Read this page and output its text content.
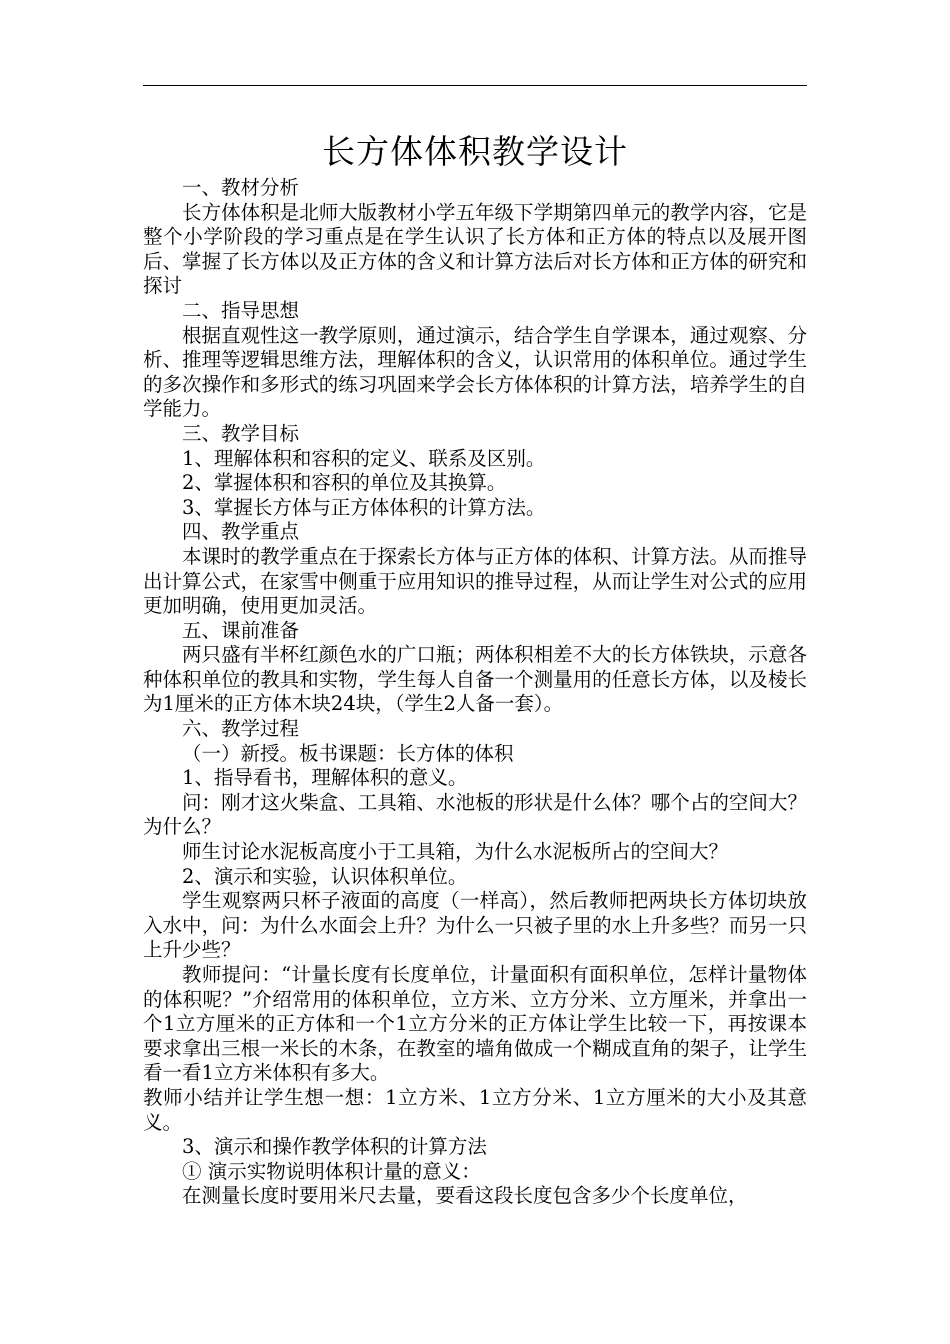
长方体体积教学设计

一、教材分析

长方体体积是北师大版教材小学五年级下学期第四单元的教学内容，它是整个小学阶段的学习重点是在学生认识了长方体和正方体的特点以及展开图后、掌握了长方体以及正方体的含义和计算方法后对长方体和正方体的研究和探讨

二、指导思想

根据直观性这一教学原则，通过演示，结合学生自学课本，通过观察、分析、推理等逻辑思维方法，理解体积的含义，认识常用的体积单位。通过学生的多次操作和多形式的练习巩固来学会长方体体积的计算方法，培养学生的自学能力。

三、教学目标

1、理解体积和容积的定义、联系及区别。

2、掌握体积和容积的单位及其换算。

3、掌握长方体与正方体体积的计算方法。

四、教学重点

本课时的教学重点在于探索长方体与正方体的体积、计算方法。从而推导出计算公式，在家雪中侧重于应用知识的推导过程，从而让学生对公式的应用更加明确，使用更加灵活。

五、课前准备

两只盛有半杯红颜色水的广口瓶；两体积相差不大的长方体铁块，示意各种体积单位的教具和实物，学生每人自备一个测量用的任意长方体，以及棱长为1厘米的正方体木块24块，（学生2人备一套）。

六、教学过程

（一）新授。板书课题：长方体的体积

1、指导看书，理解体积的意义。

问：刚才这火柴盒、工具箱、水池板的形状是什么体？哪个占的空间大？为什么？

师生讨论水泥板高度小于工具箱，为什么水泥板所占的空间大？

2、演示和实验，认识体积单位。

学生观察两只杯子液面的高度（一样高），然后教师把两块长方体切块放入水中，问：为什么水面会上升？为什么一只被子里的水上升多些？而另一只上升少些？

教师提问：“计量长度有长度单位，计量面积有面积单位，怎样计量物体的体积呢？”介绍常用的体积单位，立方米、立方分米、立方厘米，并拿出一个1立方厘米的正方体和一个1立方分米的正方体让学生比较一下，再按课本要求拿出三根一米长的木条，在教室的墙角做成一个糊成直角的架子，让学生看一看1立方米体积有多大。

教师小结并让学生想一想：1立方米、1立方分米、1立方厘米的大小及其意义。

3、演示和操作教学体积的计算方法

① 演示实物说明体积计量的意义：

在测量长度时要用米尺去量，要看这段长度包含多少个长度单位，
